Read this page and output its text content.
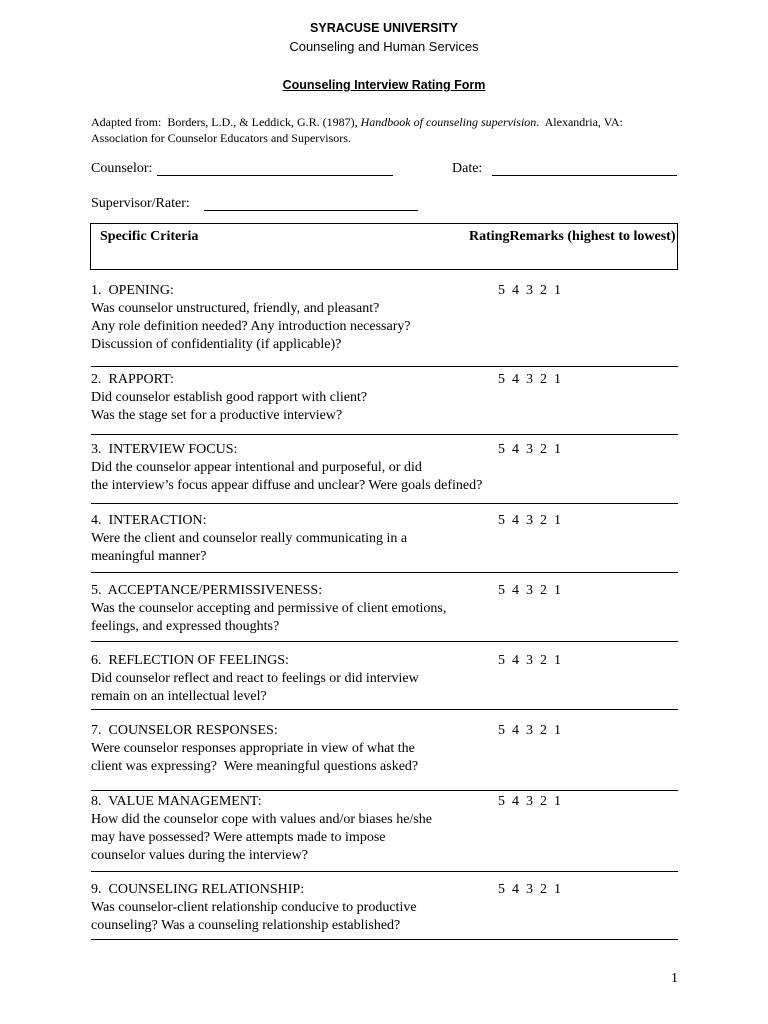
SYRACUSE UNIVERSITY
Counseling and Human Services
Counseling Interview Rating Form
Adapted from:  Borders, L.D., & Leddick, G.R. (1987), Handbook of counseling supervision.  Alexandria, VA: Association for Counselor Educators and Supervisors.
Counselor:	Date:
Supervisor/Rater:
Specific Criteria	RatingRemarks (highest to lowest)
1.  OPENING:	5  4  3  2  1
Was counselor unstructured, friendly, and pleasant?
Any role definition needed? Any introduction necessary?
Discussion of confidentiality (if applicable)?
2.  RAPPORT:	5  4  3  2  1
Did counselor establish good rapport with client?
Was the stage set for a productive interview?
3.  INTERVIEW FOCUS:	5  4  3  2  1
Did the counselor appear intentional and purposeful, or did
the interview’s focus appear diffuse and unclear? Were goals defined?
4.  INTERACTION:	5  4  3  2  1
Were the client and counselor really communicating in a
meaningful manner?
5.  ACCEPTANCE/PERMISSIVENESS:	5  4  3  2  1
Was the counselor accepting and permissive of client emotions,
feelings, and expressed thoughts?
6.  REFLECTION OF FEELINGS:	5  4  3  2  1
Did counselor reflect and react to feelings or did interview
remain on an intellectual level?
7.  COUNSELOR RESPONSES:	5  4  3  2  1
Were counselor responses appropriate in view of what the
client was expressing?  Were meaningful questions asked?
8.  VALUE MANAGEMENT:	5  4  3  2  1
How did the counselor cope with values and/or biases he/she
may have possessed? Were attempts made to impose
counselor values during the interview?
9.  COUNSELING RELATIONSHIP:	5  4  3  2  1
Was counselor-client relationship conducive to productive
counseling? Was a counseling relationship established?
1
